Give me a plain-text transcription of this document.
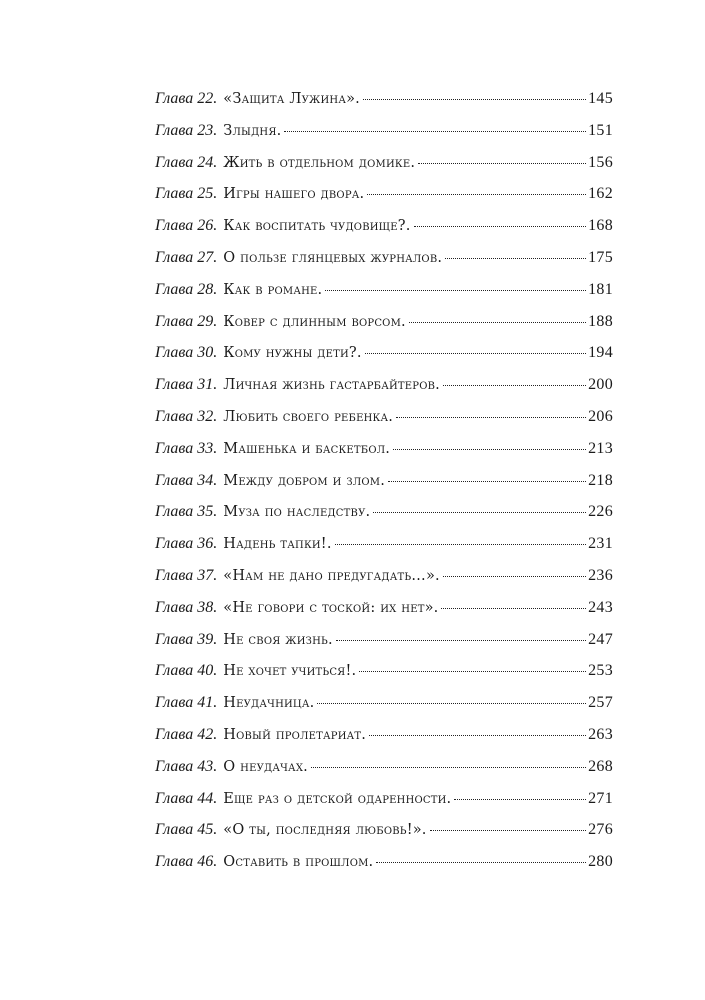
Глава 22. «Защита Лужина».	145
Глава 23. Злыдня.	151
Глава 24. Жить в отдельном домике.	156
Глава 25. Игры нашего двора.	162
Глава 26. Как воспитать чудовище?.	168
Глава 27. О пользе глянцевых журналов.	175
Глава 28. Как в романе.	181
Глава 29. Ковер с длинным ворсом.	188
Глава 30. Кому нужны дети?.	194
Глава 31. Личная жизнь гастарбайтеров.	200
Глава 32. Любить своего ребенка.	206
Глава 33. Машенька и баскетбол.	213
Глава 34. Между добром и злом.	218
Глава 35. Муза по наследству.	226
Глава 36. Надень тапки!.	231
Глава 37. «Нам не дано предугадать…».	236
Глава 38. «Не говори с тоской: их нет».	243
Глава 39. Не своя жизнь.	247
Глава 40. Не хочет учиться!.	253
Глава 41. Неудачница.	257
Глава 42. Новый пролетариат.	263
Глава 43. О неудачах.	268
Глава 44. Еще раз о детской одаренности.	271
Глава 45. «О ты, последняя любовь!».	276
Глава 46. Оставить в прошлом.	280
